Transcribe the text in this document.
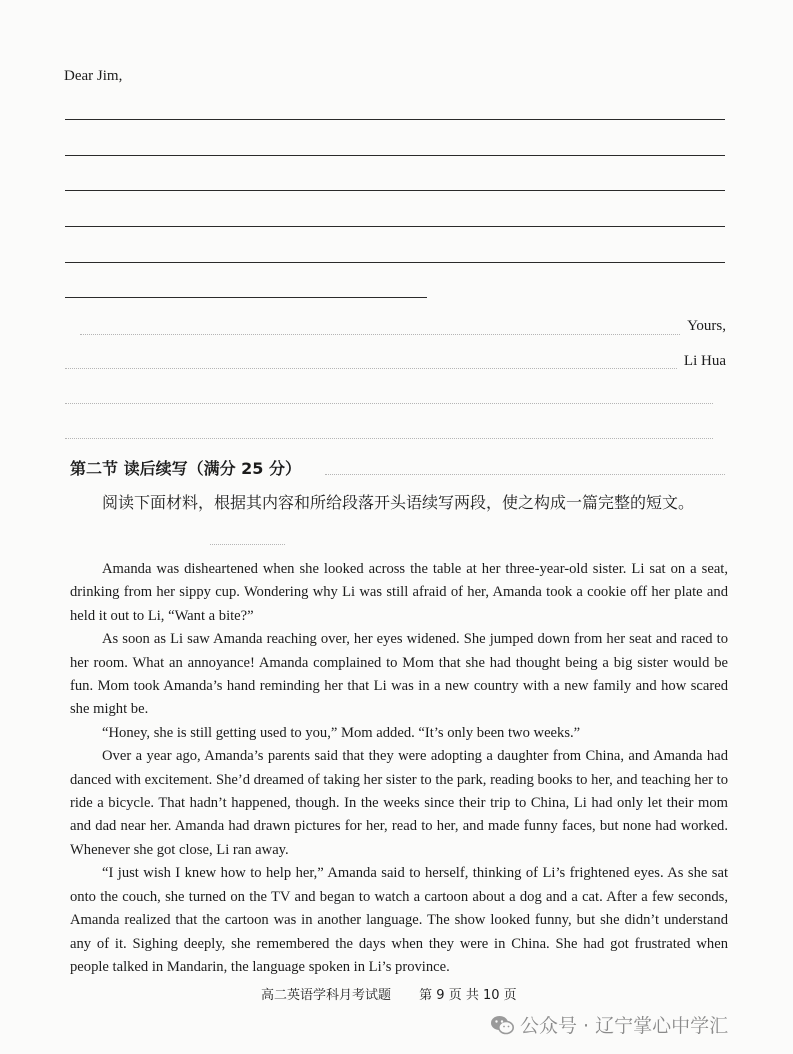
Dear Jim,
Yours,
Li Hua
第二节 读后续写（满分 25 分）
阅读下面材料，根据其内容和所给段落开头语续写两段，使之构成一篇完整的短文。

Amanda was disheartened when she looked across the table at her three-year-old sister. Li sat on a seat, drinking from her sippy cup. Wondering why Li was still afraid of her, Amanda took a cookie off her plate and held it out to Li, “Want a bite?”

As soon as Li saw Amanda reaching over, her eyes widened. She jumped down from her seat and raced to her room. What an annoyance! Amanda complained to Mom that she had thought being a big sister would be fun. Mom took Amanda’s hand reminding her that Li was in a new country with a new family and how scared she might be.

“Honey, she is still getting used to you,” Mom added. “It’s only been two weeks.”

Over a year ago, Amanda’s parents said that they were adopting a daughter from China, and Amanda had danced with excitement. She’d dreamed of taking her sister to the park, reading books to her, and teaching her to ride a bicycle. That hadn’t happened, though. In the weeks since their trip to China, Li had only let their mom and dad near her. Amanda had drawn pictures for her, read to her, and made funny faces, but none had worked. Whenever she got close, Li ran away.

“I just wish I knew how to help her,” Amanda said to herself, thinking of Li’s frightened eyes. As she sat onto the couch, she turned on the TV and began to watch a cartoon about a dog and a cat. After a few seconds, Amanda realized that the cartoon was in another language. The show looked funny, but she didn’t understand any of it. Sighing deeply, she remembered the days when they were in China. She had got frustrated when people talked in Mandarin, the language spoken in Li’s province.

高二英语学科月考试题 第 9 页 共 10 页
公众号 · 辽宁掌心中学汇
